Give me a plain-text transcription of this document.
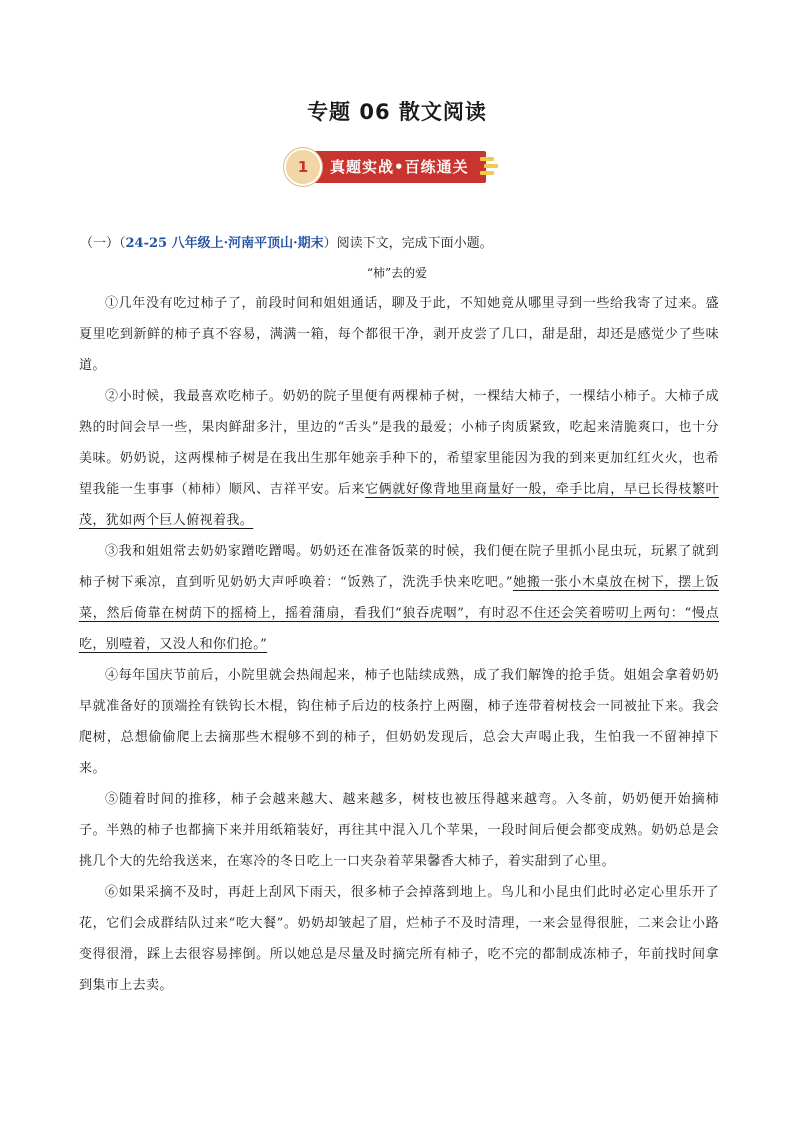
专题 06 散文阅读
真题实战•百练通关
1
（一）（24-25 八年级上·河南平顶山·期末）阅读下文，完成下面小题。
“柿”去的爱
①几年没有吃过柿子了，前段时间和姐姐通话，聊及于此，不知她竟从哪里寻到一些给我寄了过来。盛夏里吃到新鲜的柿子真不容易，满满一箱，每个都很干净，剥开皮尝了几口，甜是甜，却还是感觉少了些味道。
②小时候，我最喜欢吃柿子。奶奶的院子里便有两棵柿子树，一棵结大柿子，一棵结小柿子。大柿子成熟的时间会早一些，果肉鲜甜多汁，里边的“舌头”是我的最爱；小柿子肉质紧致，吃起来清脆爽口，也十分美味。奶奶说，这两棵柿子树是在我出生那年她亲手种下的，希望家里能因为我的到来更加红红火火，也希望我能一生事事（柿柿）顺风、吉祥平安。后来它俩就好像背地里商量好一般，牵手比肩，早已长得枝繁叶茂，犹如两个巨人俯视着我。
③我和姐姐常去奶奶家蹭吃蹭喝。奶奶还在准备饭菜的时候，我们便在院子里抓小昆虫玩，玩累了就到柿子树下乘凉，直到听见奶奶大声呼唤着：“饭熟了，洗洗手快来吃吧。”她搬一张小木桌放在树下，摆上饭菜，然后倚靠在树荫下的摇椅上，摇着蒲扇，看我们“狼吞虎咽”，有时忍不住还会笑着唠叨上两句：“慢点吃，别噎着，又没人和你们抢。”
④每年国庆节前后，小院里就会热闹起来，柿子也陆续成熟，成了我们解馋的抢手货。姐姐会拿着奶奶早就准备好的顶端拴有铁钩长木棍，钩住柿子后边的枝条拧上两圈，柿子连带着树枝会一同被扯下来。我会爬树，总想偷偷爬上去摘那些木棍够不到的柿子，但奶奶发现后，总会大声喝止我，生怕我一不留神掉下来。
⑤随着时间的推移，柿子会越来越大、越来越多，树枝也被压得越来越弯。入冬前，奶奶便开始摘柿子。半熟的柿子也都摘下来并用纸箱装好，再往其中混入几个苹果，一段时间后便会都变成熟。奶奶总是会挑几个大的先给我送来，在寒冷的冬日吃上一口夹杂着苹果馨香大柿子，着实甜到了心里。
⑥如果采摘不及时，再赶上刮风下雨天，很多柿子会掉落到地上。鸟儿和小昆虫们此时必定心里乐开了花，它们会成群结队过来“吃大餐”。奶奶却皱起了眉，烂柿子不及时清理，一来会显得很脏，二来会让小路变得很滑，踩上去很容易摔倒。所以她总是尽量及时摘完所有柿子，吃不完的都制成冻柿子，年前找时间拿到集市上去卖。
